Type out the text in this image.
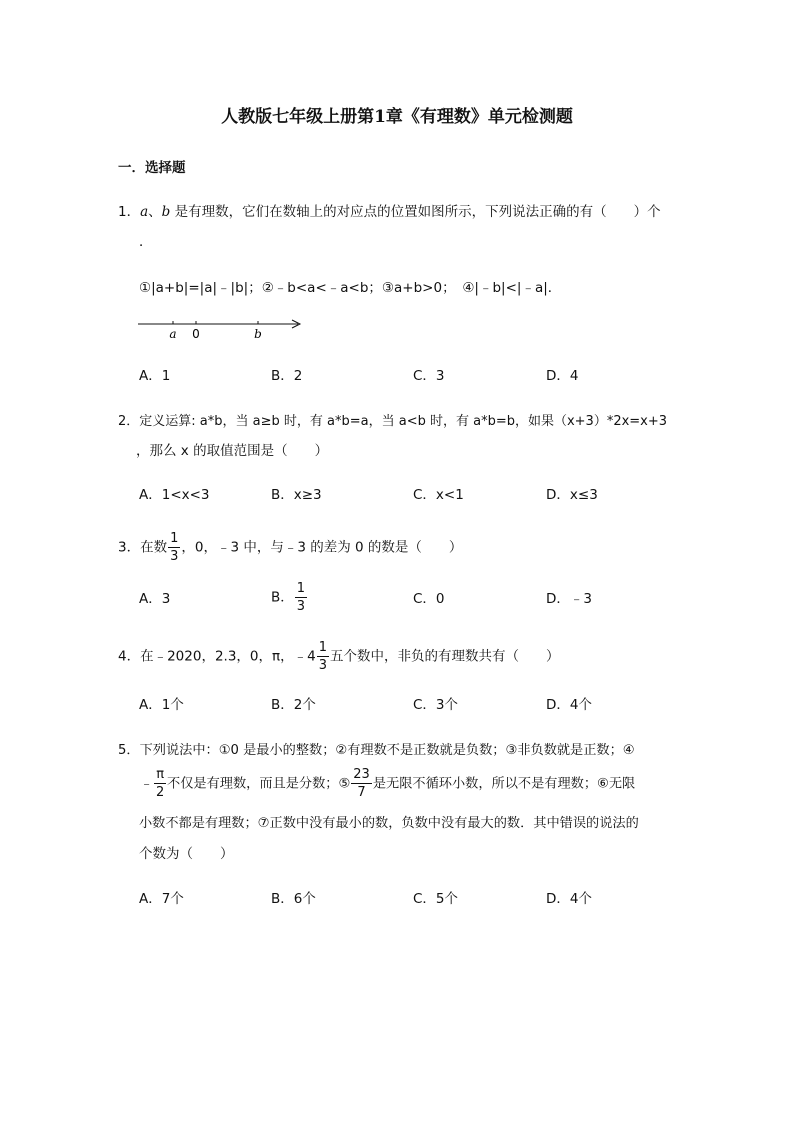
人教版七年级上册第1章《有理数》单元检测题
一．选择题
1．a、b 是有理数，它们在数轴上的对应点的位置如图所示，下列说法正确的有（　　）个
．
①|a+b|=|a|﹣|b|；②﹣b<a<﹣a<b；③a+b>0；　④|﹣b|<|﹣a|．
a 0	b
A．1	B．2	C．3	D．4
2．定义运算: a*b，当 a≥b 时，有 a*b=a，当 a<b 时，有 a*b=b，如果（x+3）*2x=x+3
，那么 x 的取值范围是（　　）
A．1<x<3	B．x≥3	C．x<1	D．x≤3
3．在数 $\frac{1}{3}$ ，0，﹣3 中，与﹣3 的差为 0 的数是（　　）
A．3	B． $\frac{1}{3}$	C．0	D．﹣3
4．在﹣2020，2.3，0，π，﹣4 $\frac{1}{3}$ 五个数中，非负的有理数共有（　　）
A．1个	B．2个	C．3个	D．4个
5．下列说法中：①0 是最小的整数；②有理数不是正数就是负数；③非负数就是正数；④
﹣ $\frac{\pi}{2}$ 不仅是有理数，而且是分数；⑤ $\frac{23}{7}$ 是无限不循环小数，所以不是有理数；⑥无限
小数不都是有理数；⑦正数中没有最小的数，负数中没有最大的数．其中错误的说法的
个数为（　　）
A．7个	B．6个	C．5个	D．4个
